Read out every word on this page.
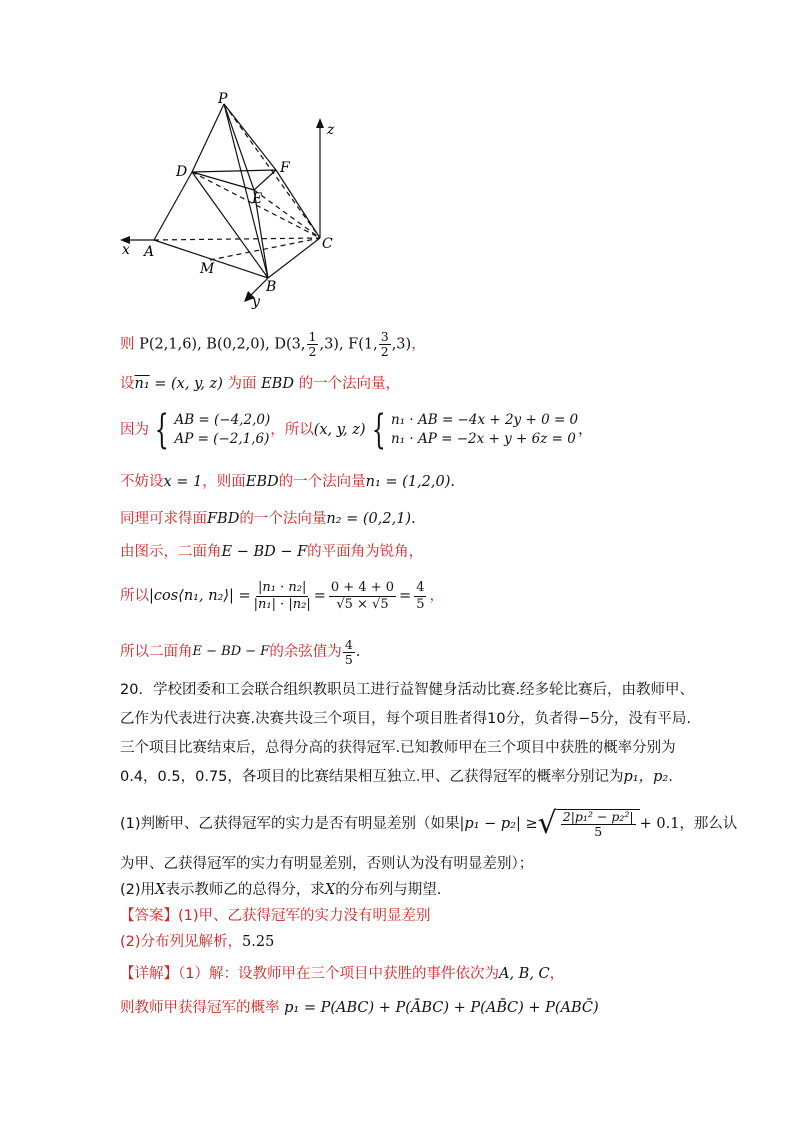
P
D	F
E
A	C
M
B
x
y
z
则 P(2,1,6), B(0,2,0), D(3, $\frac{1}{2} ,3$), F(1, $\frac{3}{2} ,3$)，
设n₁ = (x, y, z) 为面 EBD 的一个法向量，
因为 { AB = (−4,2,0)
AP = (−2,1,6)
，所以(x, y, z) { n₁ · AB = −4x + 2y + 0 = 0
n₁ · AP = −2x + y + 6z = 0
，
不妨设x = 1，则面EBD的一个法向量n₁ = (1,2,0).
同理可求得面FBD的一个法向量n₂ = (0,2,1).
由图示，二面角E − BD − F的平面角为锐角，
所以 |cos⟨n₁, n₂⟩| = $\frac{\text{|n₁ · n₂|}}{\text{|n₁| · |n₂|}} = \frac{0 + 4 + 0}{√5 \times √5} = \frac{4}{5}$ ，
所以二面角 E − BD − F 的余弦值为 $\frac{4}{5}$ .
20．学校团委和工会联合组织教职员工进行益智健身活动比赛.经多轮比赛后，由教师甲、
乙作为代表进行决赛.决赛共设三个项目，每个项目胜者得10分，负者得−5分，没有平局.
三个项目比赛结束后，总得分高的获得冠军.已知教师甲在三个项目中获胜的概率分别为
0.4，0.5，0.75，各项目的比赛结果相互独立.甲、乙获得冠军的概率分别记为p₁，p₂.
(1)判断甲、乙获得冠军的实力是否有明显差别（如果 |p₁ − p₂| ≥ √ $\frac{\text{2|p₁² − p₂²|}}{5} + 0.1$ ，那么认
为甲、乙获得冠军的实力有明显差别，否则认为没有明显差别）；
(2)用X表示教师乙的总得分，求X的分布列与期望.
【答案】(1)甲、乙获得冠军的实力没有明显差别
(2)分布列见解析，5.25
【详解】（1）解：设教师甲在三个项目中获胜的事件依次为A, B, C，
则教师甲获得冠军的概率 p₁ = P(ABC) + P(ĀBC) + P(AB̄C) + P(ABC̄)
